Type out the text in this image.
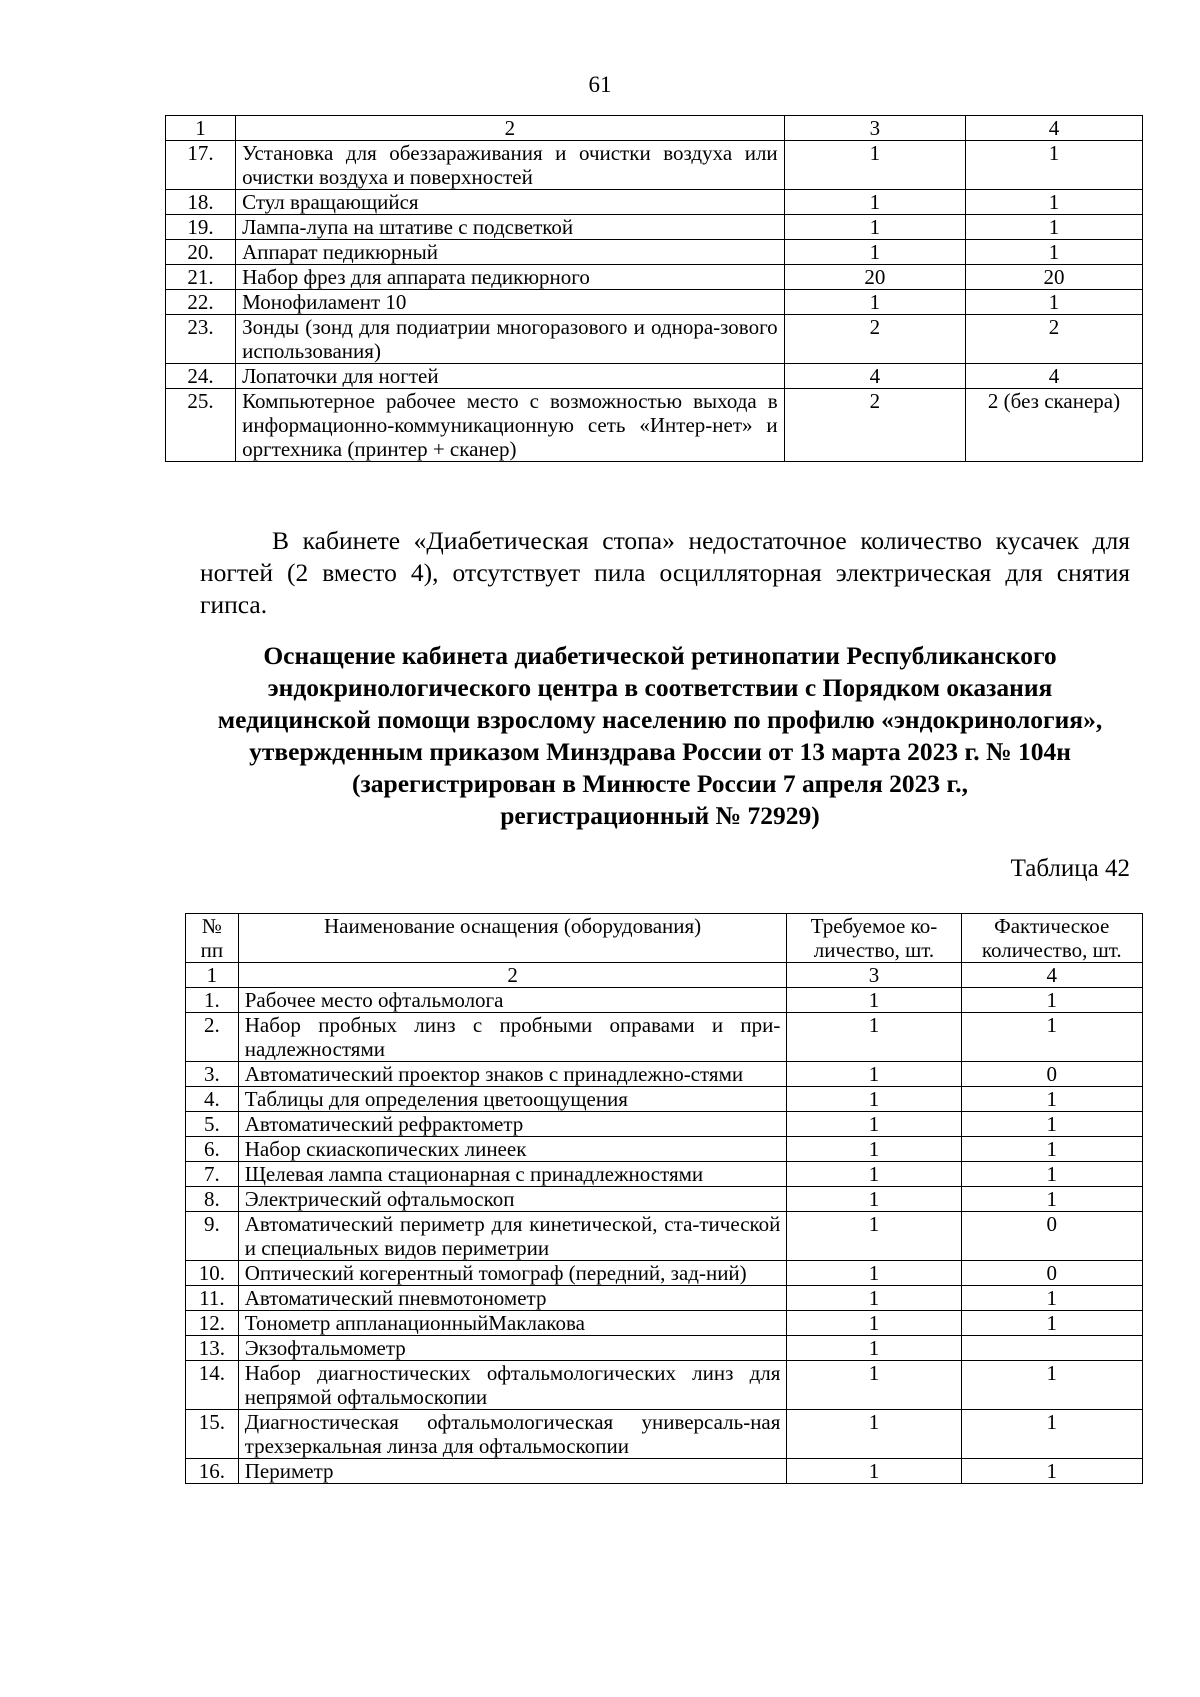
61
1	2	3	4
17.	Установка для обеззараживания и очистки воздуха или очистки воздуха и поверхностей	1	1
18.	Стул вращающийся	1	1
19.	Лампа-лупа на штативе с подсветкой	1	1
20.	Аппарат педикюрный	1	1
21.	Набор фрез для аппарата педикюрного	20	20
22.	Монофиламент 10	1	1
23.	Зонды (зонд для подиатрии многоразового и однора-зового использования)	2	2
24.	Лопаточки для ногтей	4	4
25.	Компьютерное рабочее место с возможностью выхода в информационно-коммуникационную сеть «Интер-нет» и оргтехника (принтер + сканер)	2	2 (без сканера)
В кабинете «Диабетическая стопа» недостаточное количество кусачек для ногтей (2 вместо 4), отсутствует пила осцилляторная электрическая для снятия гипса.
Оснащение кабинета диабетической ретинопатии Республиканского
эндокринологического центра в соответствии с Порядком оказания
медицинской помощи взрослому населению по профилю «эндокринология»,
утвержденным приказом Минздрава России от 13 марта 2023 г. № 104н
(зарегистрирован в Минюсте России 7 апреля 2023 г.,
регистрационный № 72929)
Таблица 42
№ пп	Наименование оснащения (оборудования)	Требуемое ко-личество, шт.	Фактическое количество, шт.
1	2	3	4
1.	Рабочее место офтальмолога	1	1
2.	Набор пробных линз с пробными оправами и при-надлежностями	1	1
3.	Автоматический проектор знаков с принадлежно-стями	1	0
4.	Таблицы для определения цветоощущения	1	1
5.	Автоматический рефрактометр	1	1
6.	Набор скиаскопических линеек	1	1
7.	Щелевая лампа стационарная с принадлежностями	1	1
8.	Электрический офтальмоскоп	1	1
9.	Автоматический периметр для кинетической, ста-тической и специальных видов периметрии	1	0
10.	Оптический когерентный томограф (передний, зад-ний)	1	0
11.	Автоматический пневмотонометр	1	1
12.	Тонометр аппланационныйМаклакова	1	1
13.	Экзофтальмометр	1	
14.	Набор диагностических офтальмологических линз для непрямой офтальмоскопии	1	1
15.	Диагностическая офтальмологическая универсаль-ная трехзеркальная линза для офтальмоскопии	1	1
16.	Периметр	1	1
